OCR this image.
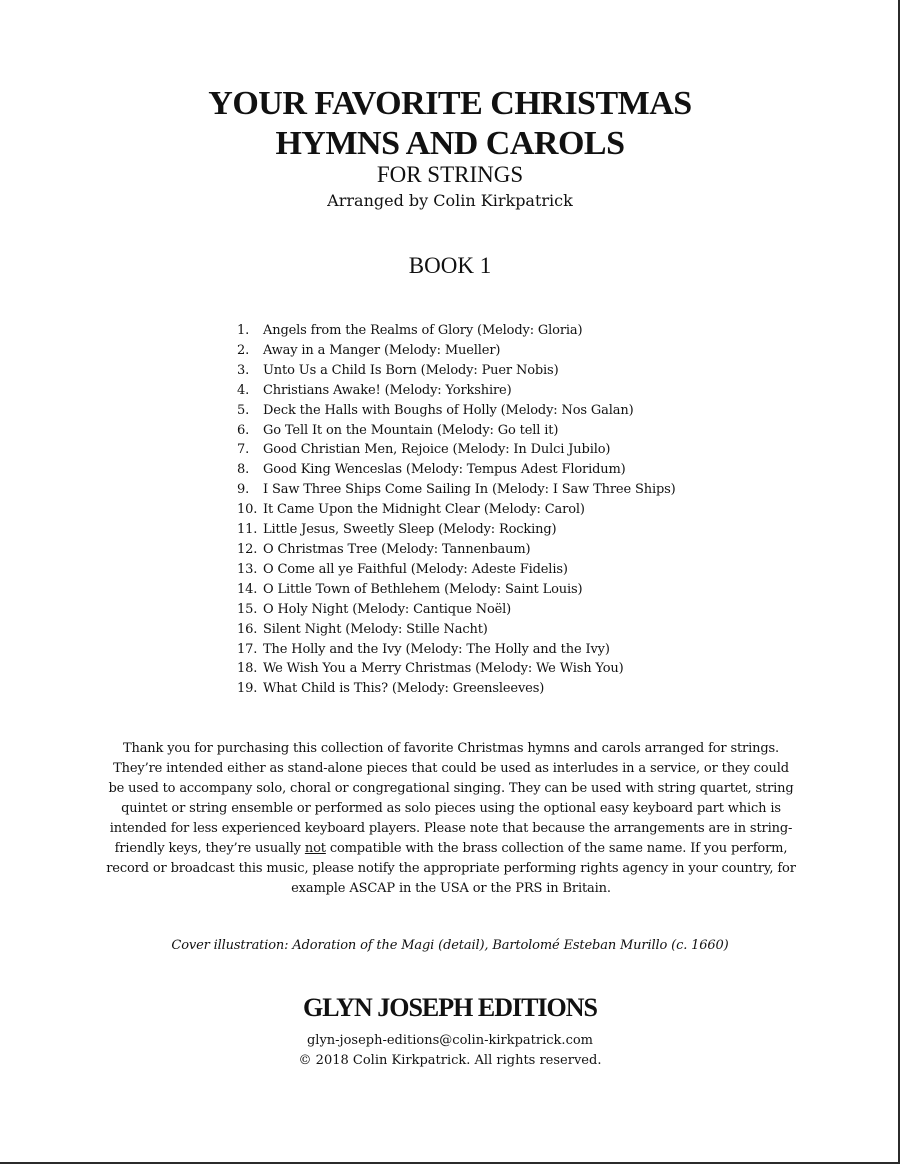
YOUR FAVORITE CHRISTMAS
HYMNS AND CAROLS
FOR STRINGS
Arranged by Colin Kirkpatrick
BOOK 1
1. Angels from the Realms of Glory (Melody: Gloria)
2. Away in a Manger (Melody: Mueller)
3. Unto Us a Child Is Born (Melody: Puer Nobis)
4. Christians Awake! (Melody: Yorkshire)
5. Deck the Halls with Boughs of Holly (Melody: Nos Galan)
6. Go Tell It on the Mountain (Melody: Go tell it)
7. Good Christian Men, Rejoice (Melody: In Dulci Jubilo)
8. Good King Wenceslas (Melody: Tempus Adest Floridum)
9. I Saw Three Ships Come Sailing In (Melody: I Saw Three Ships)
10. It Came Upon the Midnight Clear (Melody: Carol)
11. Little Jesus, Sweetly Sleep (Melody: Rocking)
12. O Christmas Tree (Melody: Tannenbaum)
13. O Come all ye Faithful (Melody: Adeste Fidelis)
14. O Little Town of Bethlehem (Melody: Saint Louis)
15. O Holy Night (Melody: Cantique Noël)
16. Silent Night (Melody: Stille Nacht)
17. The Holly and the Ivy (Melody: The Holly and the Ivy)
18. We Wish You a Merry Christmas (Melody: We Wish You)
19. What Child is This? (Melody: Greensleeves)

Thank you for purchasing this collection of favorite Christmas hymns and carols arranged for strings. They’re intended either as stand-alone pieces that could be used as interludes in a service, or they could be used to accompany solo, choral or congregational singing. They can be used with string quartet, string quintet or string ensemble or performed as solo pieces using the optional easy keyboard part which is intended for less experienced keyboard players. Please note that because the arrangements are in string-friendly keys, they’re usually not compatible with the brass collection of the same name. If you perform, record or broadcast this music, please notify the appropriate performing rights agency in your country, for example ASCAP in the USA or the PRS in Britain.

Cover illustration: Adoration of the Magi (detail), Bartolomé Esteban Murillo (c. 1660)
GLYN JOSEPH EDITIONS
glyn-joseph-editions@colin-kirkpatrick.com
© 2018 Colin Kirkpatrick. All rights reserved.
